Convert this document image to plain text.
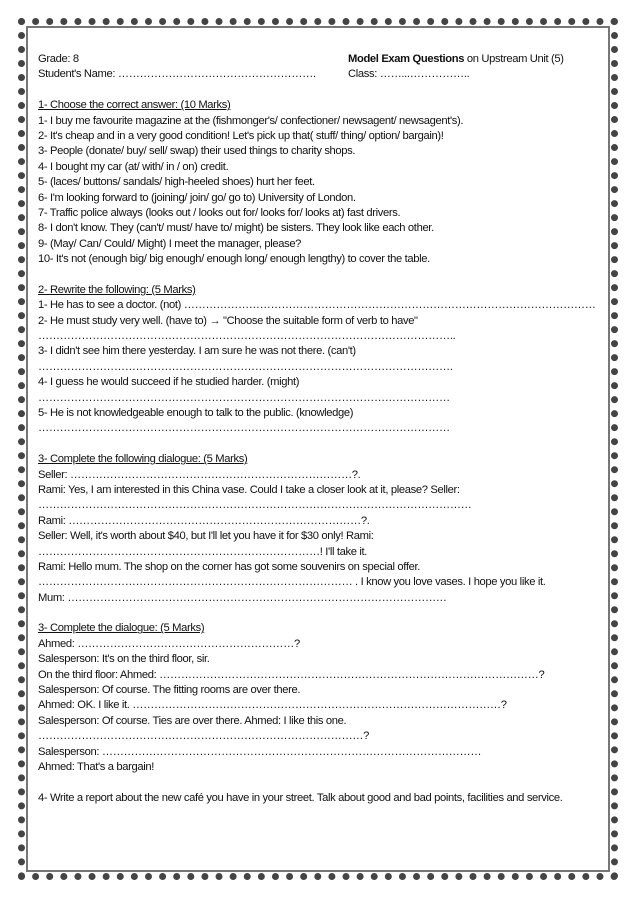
Grade: 8	Model Exam Questions on Upstream Unit (5)
Student's Name: ……………………………………………….	Class: ……...……………..
1- Choose the correct answer: (10 Marks)
1- I buy me favourite magazine at the (fishmonger's/ confectioner/ newsagent/ newsagent's).
2- It's cheap and in a very good condition! Let's pick up that( stuff/ thing/ option/ bargain)!
3- People (donate/ buy/ sell/ swap) their used things to charity shops.
4- I bought my car (at/ with/ in / on) credit.
5- (laces/ buttons/ sandals/ high-heeled shoes) hurt her feet.
6- I'm looking forward to (joining/ join/ go/ go to) University of London.
7- Traffic police always (looks out / looks out for/ looks for/ looks at) fast drivers.
8- I don't know. They (can't/ must/ have to/ might) be sisters. They look like each other.
9- (May/ Can/ Could/ Might) I meet the manager, please?
10- It's not (enough big/ big enough/ enough long/ enough lengthy) to cover the table.
2- Rewrite the following: (5 Marks)
1- He has to see a doctor. (not) ……………………………………………………………………………………………………
2- He must study very well. (have to) → "Choose the suitable form of verb to have"
……………………………………………………………………………………………………..
3- I didn't see him there yesterday. I am sure he was not there. (can't)
…………………………………………………………………………………………………….
4- I guess he would succeed if he studied harder. (might)
……………………………………………………………………………………………………
5- He is not knowledgeable enough to talk to the public. (knowledge)
……………………………………………………………………………………………………
3- Complete the following dialogue: (5 Marks)
Seller: ……………………………………………………………………?.
Rami: Yes, I am interested in this China vase. Could I take a closer look at it, please? Seller:
…………………………………………………………………………………………………………
Rami: ………………………………………………………………………?.
Seller: Well, it's worth about $40, but I'll let you have it for $30 only! Rami:
……………………………………………………………………! I'll take it.
Rami: Hello mum. The shop on the corner has got some souvenirs on special offer.
…………………………………………………………………………… . I know you love vases. I hope you like it.
Mum: ……………………………………………………………………………………………
3- Complete the dialogue: (5 Marks)
Ahmed: ……………………………………………………?
Salesperson: It's on the third floor, sir.
On the third floor: Ahmed: ……………………………………………………………………………………………?
Salesperson: Of course. The fitting rooms are over there.
Ahmed: OK. I like it. …………………………………………………………………………………………?
Salesperson: Of course. Ties are over there. Ahmed: I like this one.
………………………………………………………………………………?
Salesperson: ……………………………………………………………………………………………
Ahmed: That's a bargain!
4- Write a report about the new café you have in your street. Talk about good and bad points, facilities and service.
